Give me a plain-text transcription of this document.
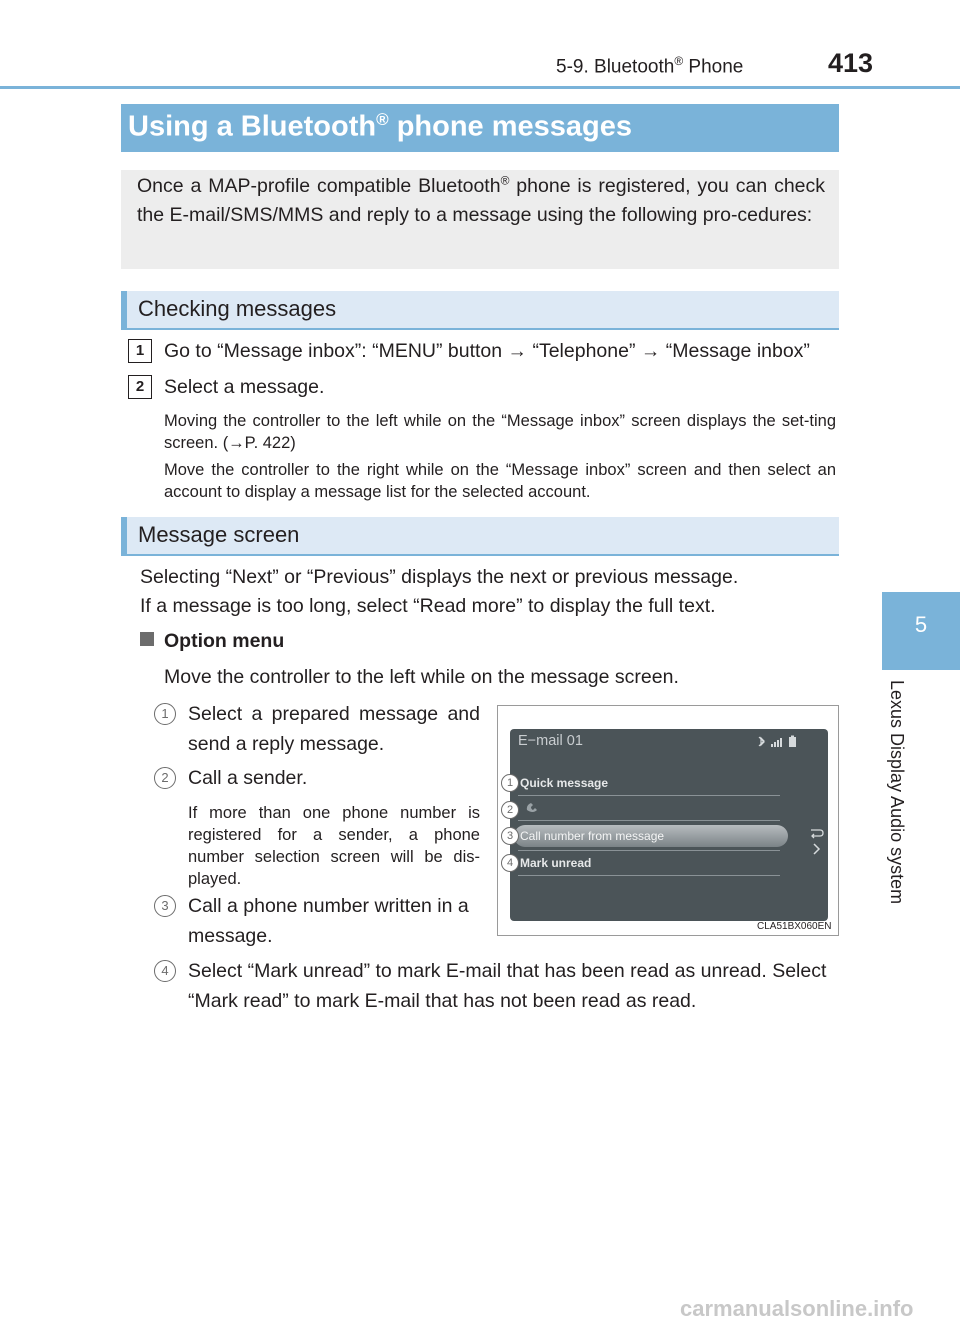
5-9. Bluetooth® Phone	413
5
Lexus Display Audio system
Using a Bluetooth® phone messages
Once a MAP-profile compatible Bluetooth® phone is registered, you can check the E-mail/SMS/MMS and reply to a message using the following pro-cedures:
Checking messages
1	Go to “Message inbox”: “MENU” button → “Telephone” → “Message inbox”
2	Select a message.
Moving the controller to the left while on the “Message inbox” screen displays the set-ting screen. (→P. 422)
Move the controller to the right while on the “Message inbox” screen and then select an account to display a message list for the selected account.
Message screen
Selecting “Next” or “Previous” displays the next or previous message.
If a message is too long, select “Read more” to display the full text.
Option menu
Move the controller to the left while on the message screen.
1 Select a prepared message and send a reply message.
2 Call a sender.
If more than one phone number is registered for a sender, a phone number selection screen will be dis-played.
3 Call a phone number written in a message.
4 Select “Mark unread” to mark E-mail that has been read as unread. Select “Mark read” to mark E-mail that has not been read as read.
E−mail 01
Quick message
Call number from message
Mark unread
1
2
3
4
CLA51BX060EN
carmanualsonline.info
